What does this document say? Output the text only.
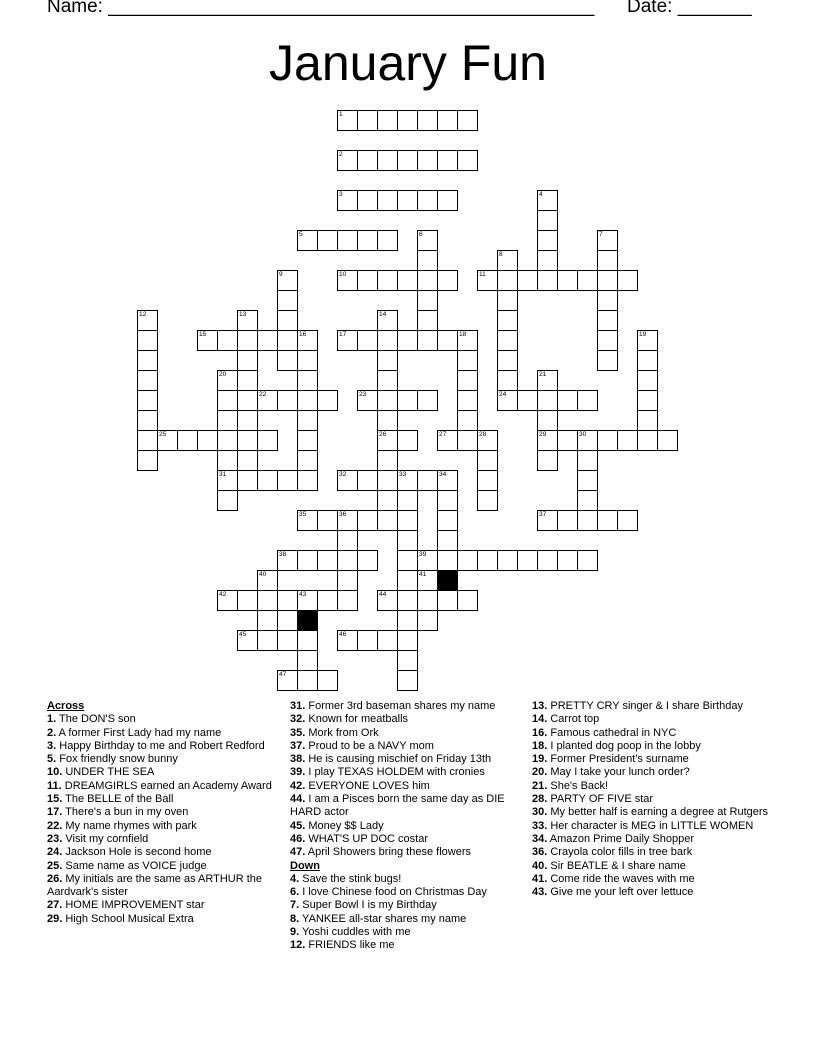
Name: ______________________________________________ Date: _______
January Fun
1
2
3
5
10	11
15	17	18
22	23	24
25	26	27	28	29	30
31	32	33	34
35	36	37
38	39
42	43	44
45	46
47
4
6	7
8
9
12	13	14
16	19
20	21
40	41
Across
1. The DON'S son
2. A former First Lady had my name
3. Happy Birthday to me and Robert Redford
5. Fox friendly snow bunny
10. UNDER THE SEA
11. DREAMGIRLS earned an Academy Award
15. The BELLE of the Ball
17. There's a bun in my oven
22. My name rhymes with park
23. Visit my cornfield
24. Jackson Hole is second home
25. Same name as VOICE judge
26. My initials are the same as ARTHUR the Aardvark's sister
27. HOME IMPROVEMENT star
29. High School Musical Extra
31. Former 3rd baseman shares my name
32. Known for meatballs
35. Mork from Ork
37. Proud to be a NAVY mom
38. He is causing mischief on Friday 13th
39. I play TEXAS HOLDEM with cronies
42. EVERYONE LOVES him
44. I am a Pisces born the same day as DIE HARD actor
45. Money $$ Lady
46. WHAT'S UP DOC costar
47. April Showers bring these flowers
Down
4. Save the stink bugs!
6. I love Chinese food on Christmas Day
7. Super Bowl I is my Birthday
8. YANKEE all-star shares my name
9. Yoshi cuddles with me
12. FRIENDS like me
13. PRETTY CRY singer & I share Birthday
14. Carrot top
16. Famous cathedral in NYC
18. I planted dog poop in the lobby
19. Former President's surname
20. May I take your lunch order?
21. She's Back!
28. PARTY OF FIVE star
30. My better half is earning a degree at Rutgers
33. Her character is MEG in LITTLE WOMEN
34. Amazon Prime Daily Shopper
36. Crayola color fills in tree bark
40. Sir BEATLE & I share name
41. Come ride the waves with me
43. Give me your left over lettuce
